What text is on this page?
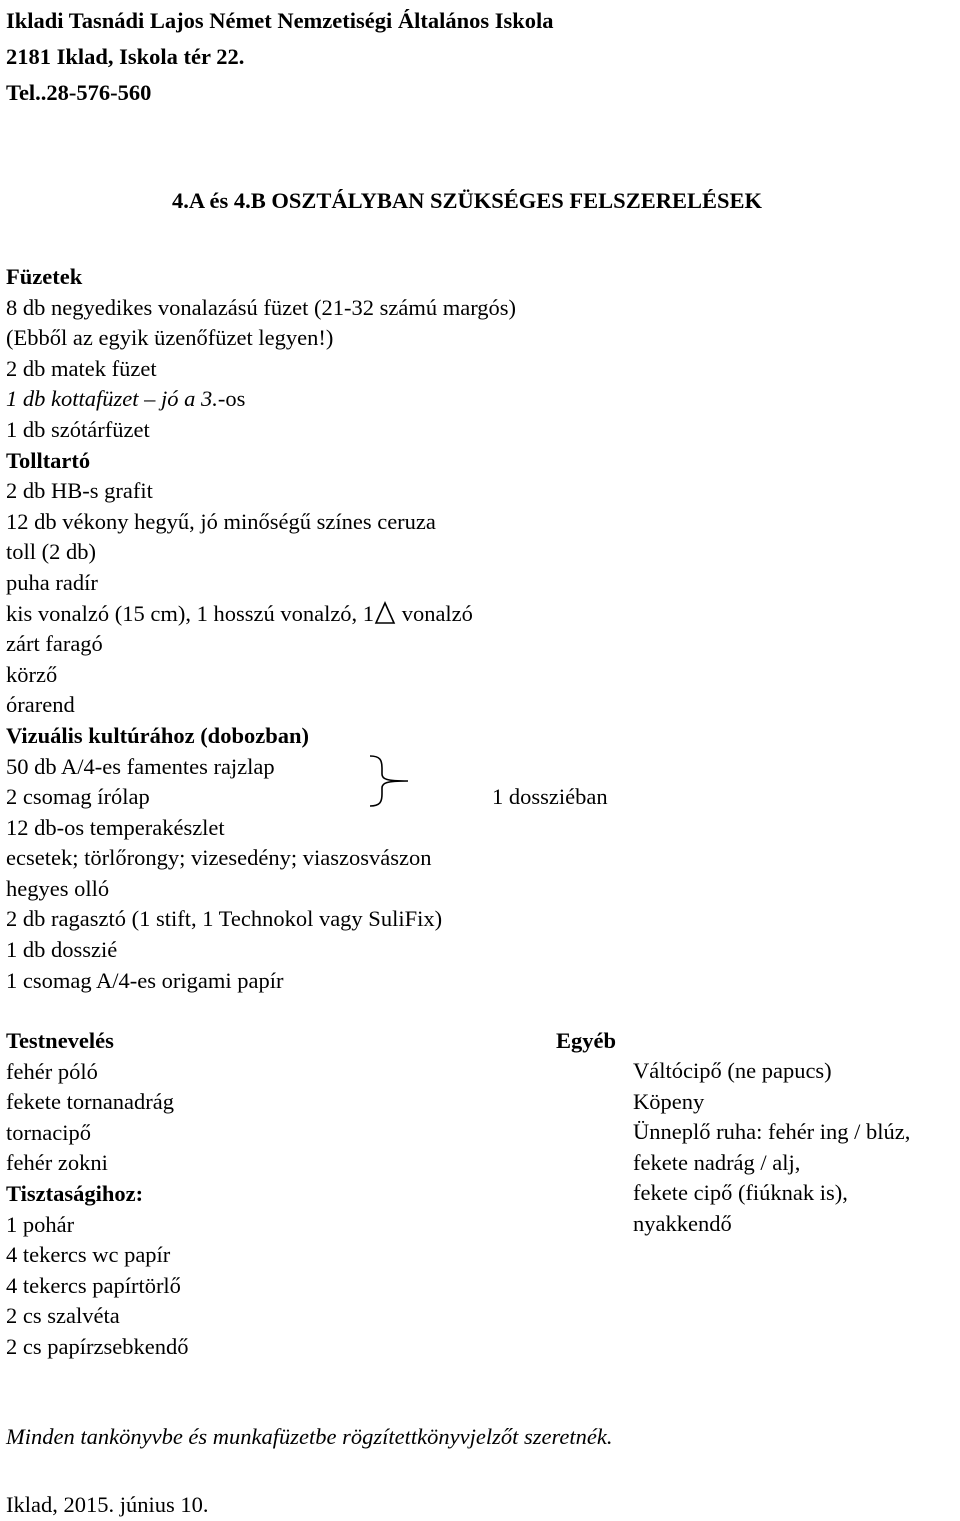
Ikladi Tasnádi Lajos Német Nemzetiségi Általános Iskola
2181 Iklad, Iskola tér 22.
Tel..28-576-560
4.A és 4.B OSZTÁLYBAN SZÜKSÉGES FELSZERELÉSEK
Füzetek
8 db negyedikes vonalazású füzet (21-32 számú margós)
(Ebből az egyik üzenőfüzet legyen!)
2 db matek füzet
1 db kottafüzet – jó a 3.-os
1 db szótárfüzet
Tolltartó
2 db HB-s grafit
12 db vékony hegyű, jó minőségű színes ceruza
toll (2 db)
puha radír
kis vonalzó (15 cm), 1 hosszú vonalzó, 1 vonalzó
zárt faragó
körző
órarend
Vizuális kultúrához (dobozban)
50 db A/4-es famentes rajzlap
2 csomag írólap
12 db-os temperakészlet
ecsetek; törlőrongy; vizesedény; viaszosvászon
hegyes olló
2 db ragasztó (1 stift, 1 Technokol vagy SuliFix)
1 db dosszié
1 csomag A/4-es origami papír
1 dossziéban
Testnevelés
fehér póló
fekete tornanadrág
tornacipő
fehér zokni
Tisztaságihoz:
1 pohár
4 tekercs wc papír
4 tekercs papírtörlő
2 cs szalvéta
2 cs papírzsebkendő
Egyéb
Váltócipő (ne papucs)
Köpeny
Ünneplő ruha: fehér ing / blúz,
fekete nadrág / alj,
fekete cipő (fiúknak is),
nyakkendő
Minden tankönyvbe és munkafüzetbe rögzítettkönyvjelzőt szeretnék.
Iklad, 2015. június 10.
